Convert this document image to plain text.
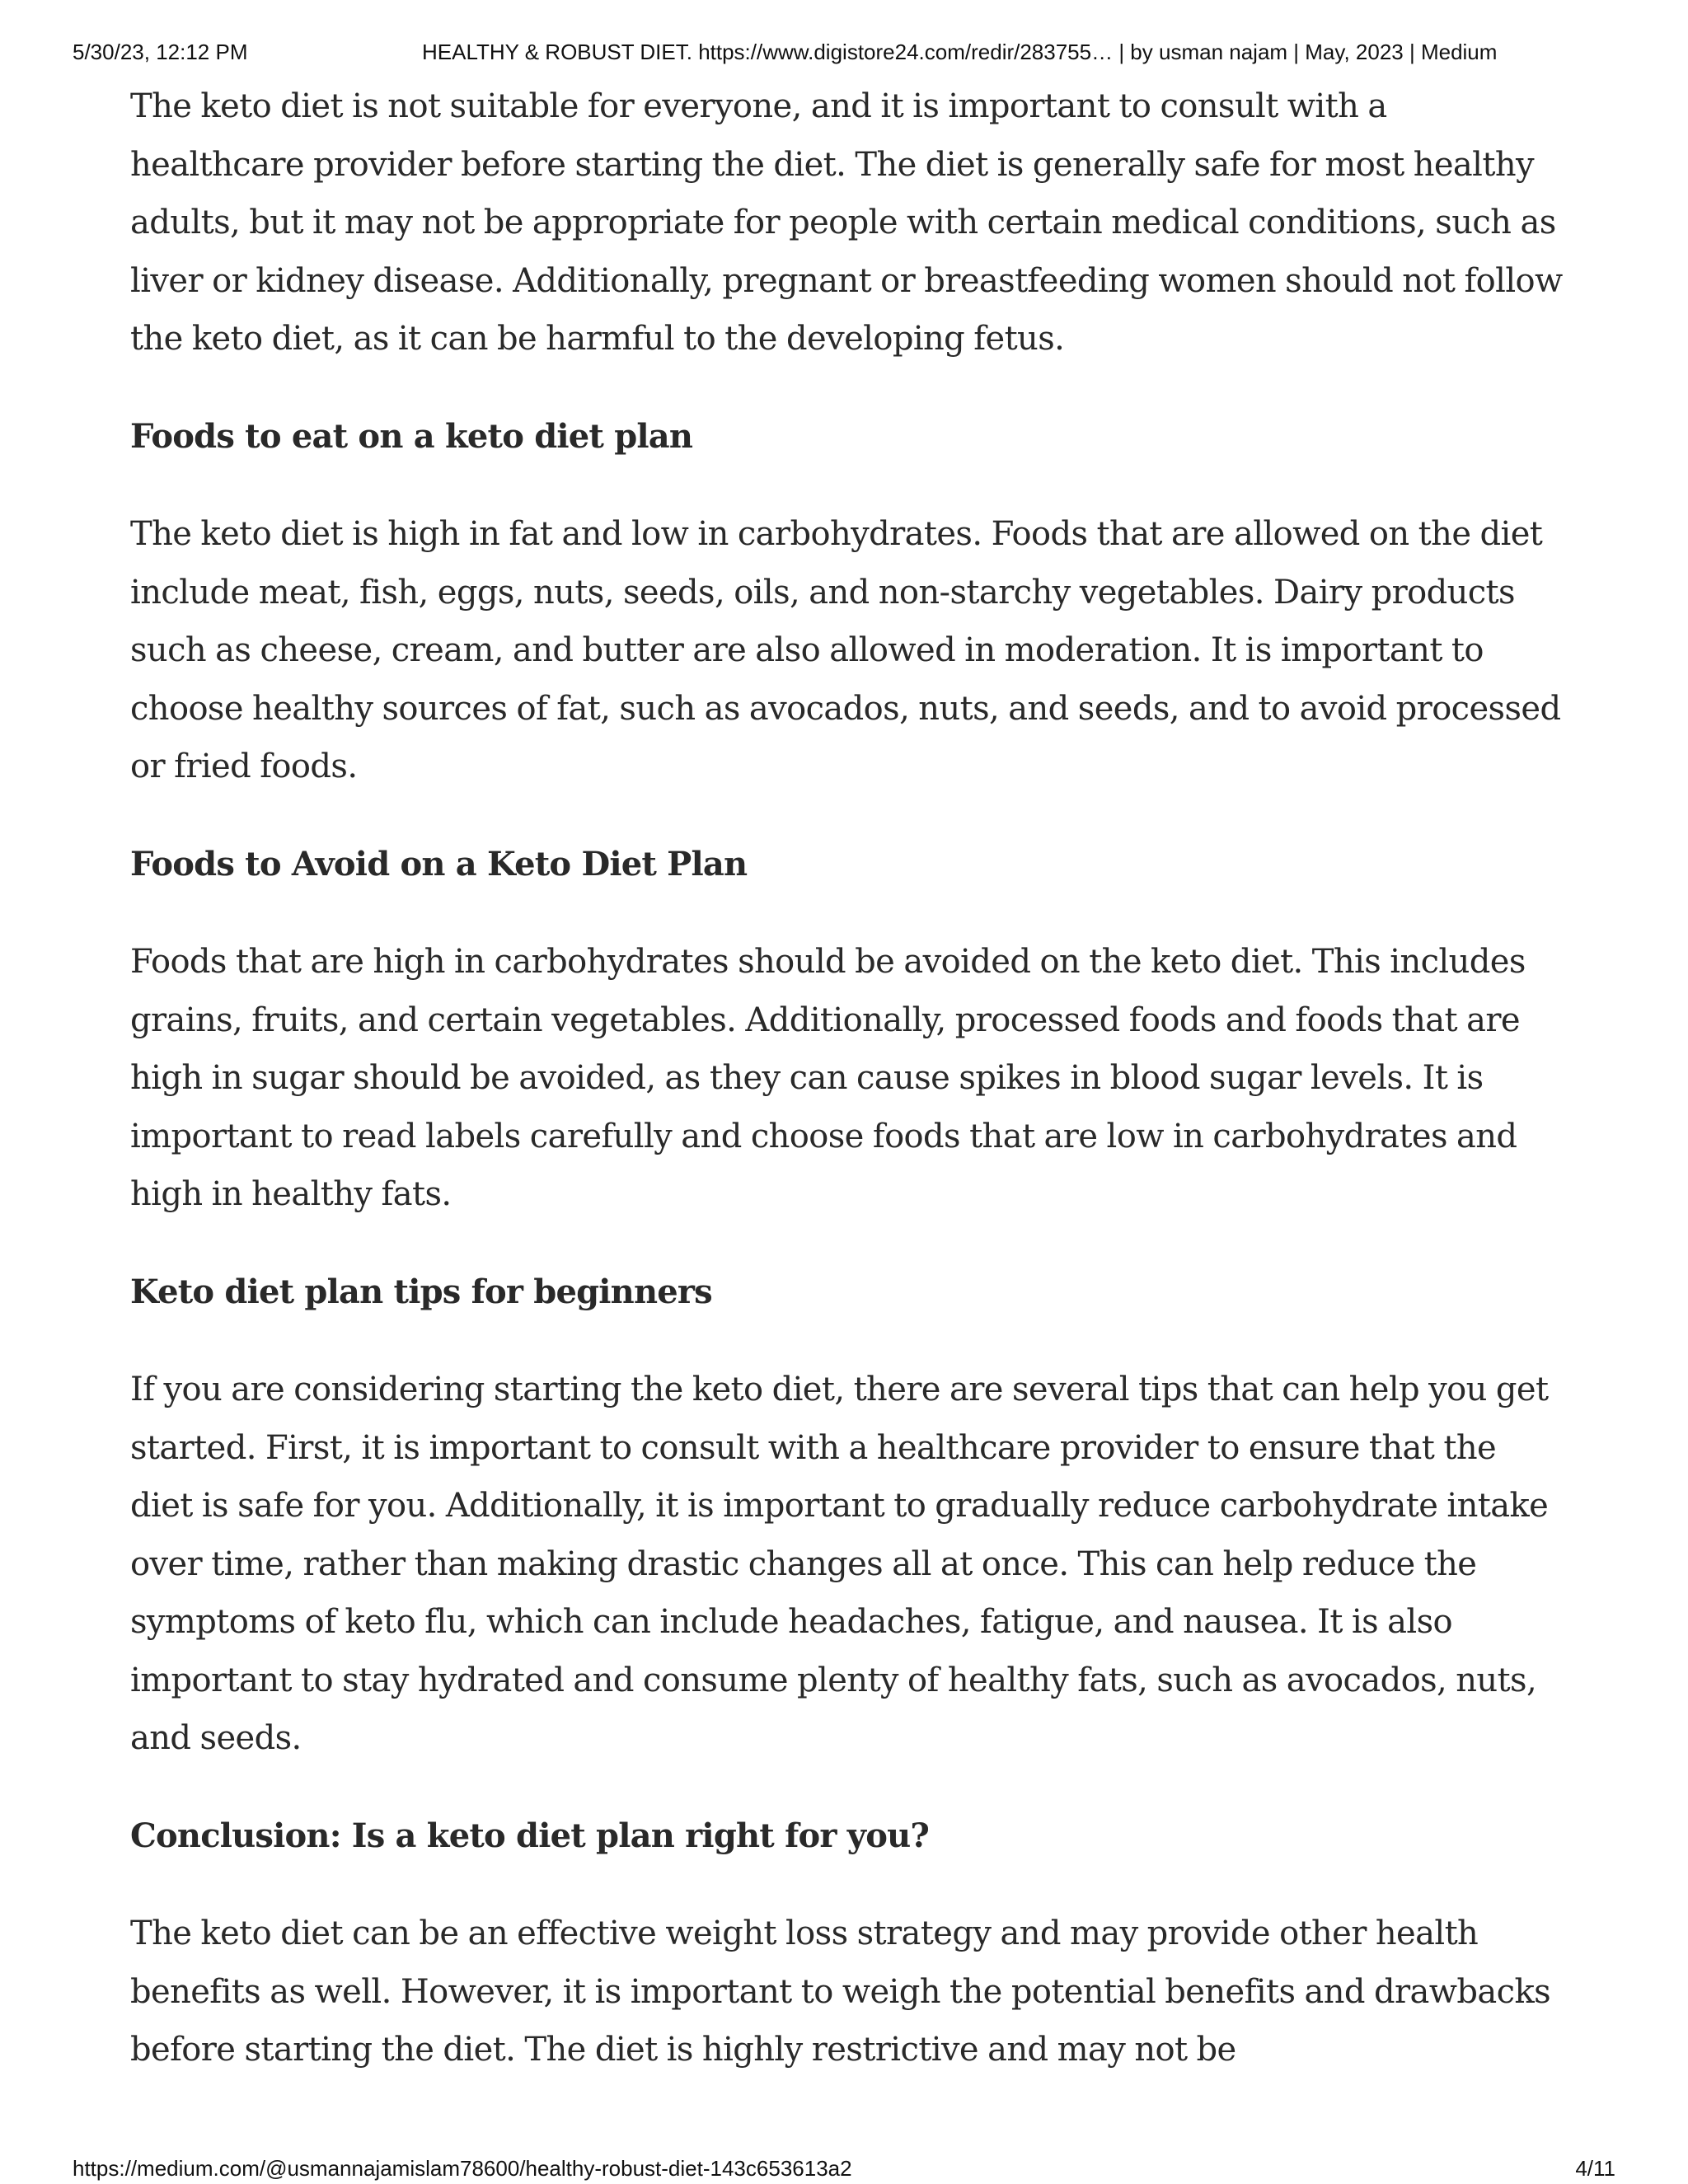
5/30/23, 12:12 PM	HEALTHY & ROBUST DIET. https://www.digistore24.com/redir/283755… | by usman najam | May, 2023 | Medium

The keto diet is not suitable for everyone, and it is important to consult with a healthcare provider before starting the diet. The diet is generally safe for most healthy adults, but it may not be appropriate for people with certain medical conditions, such as liver or kidney disease. Additionally, pregnant or breastfeeding women should not follow the keto diet, as it can be harmful to the developing fetus.

Foods to eat on a keto diet plan

The keto diet is high in fat and low in carbohydrates. Foods that are allowed on the diet include meat, fish, eggs, nuts, seeds, oils, and non-starchy vegetables. Dairy products such as cheese, cream, and butter are also allowed in moderation. It is important to choose healthy sources of fat, such as avocados, nuts, and seeds, and to avoid processed or fried foods.

Foods to Avoid on a Keto Diet Plan

Foods that are high in carbohydrates should be avoided on the keto diet. This includes grains, fruits, and certain vegetables. Additionally, processed foods and foods that are high in sugar should be avoided, as they can cause spikes in blood sugar levels. It is important to read labels carefully and choose foods that are low in carbohydrates and high in healthy fats.

Keto diet plan tips for beginners

If you are considering starting the keto diet, there are several tips that can help you get started. First, it is important to consult with a healthcare provider to ensure that the diet is safe for you. Additionally, it is important to gradually reduce carbohydrate intake over time, rather than making drastic changes all at once. This can help reduce the symptoms of keto flu, which can include headaches, fatigue, and nausea. It is also important to stay hydrated and consume plenty of healthy fats, such as avocados, nuts, and seeds.

Conclusion: Is a keto diet plan right for you?

The keto diet can be an effective weight loss strategy and may provide other health benefits as well. However, it is important to weigh the potential benefits and drawbacks before starting the diet. The diet is highly restrictive and may not be

https://medium.com/@usmannajamislam78600/healthy-robust-diet-143c653613a2	4/11
